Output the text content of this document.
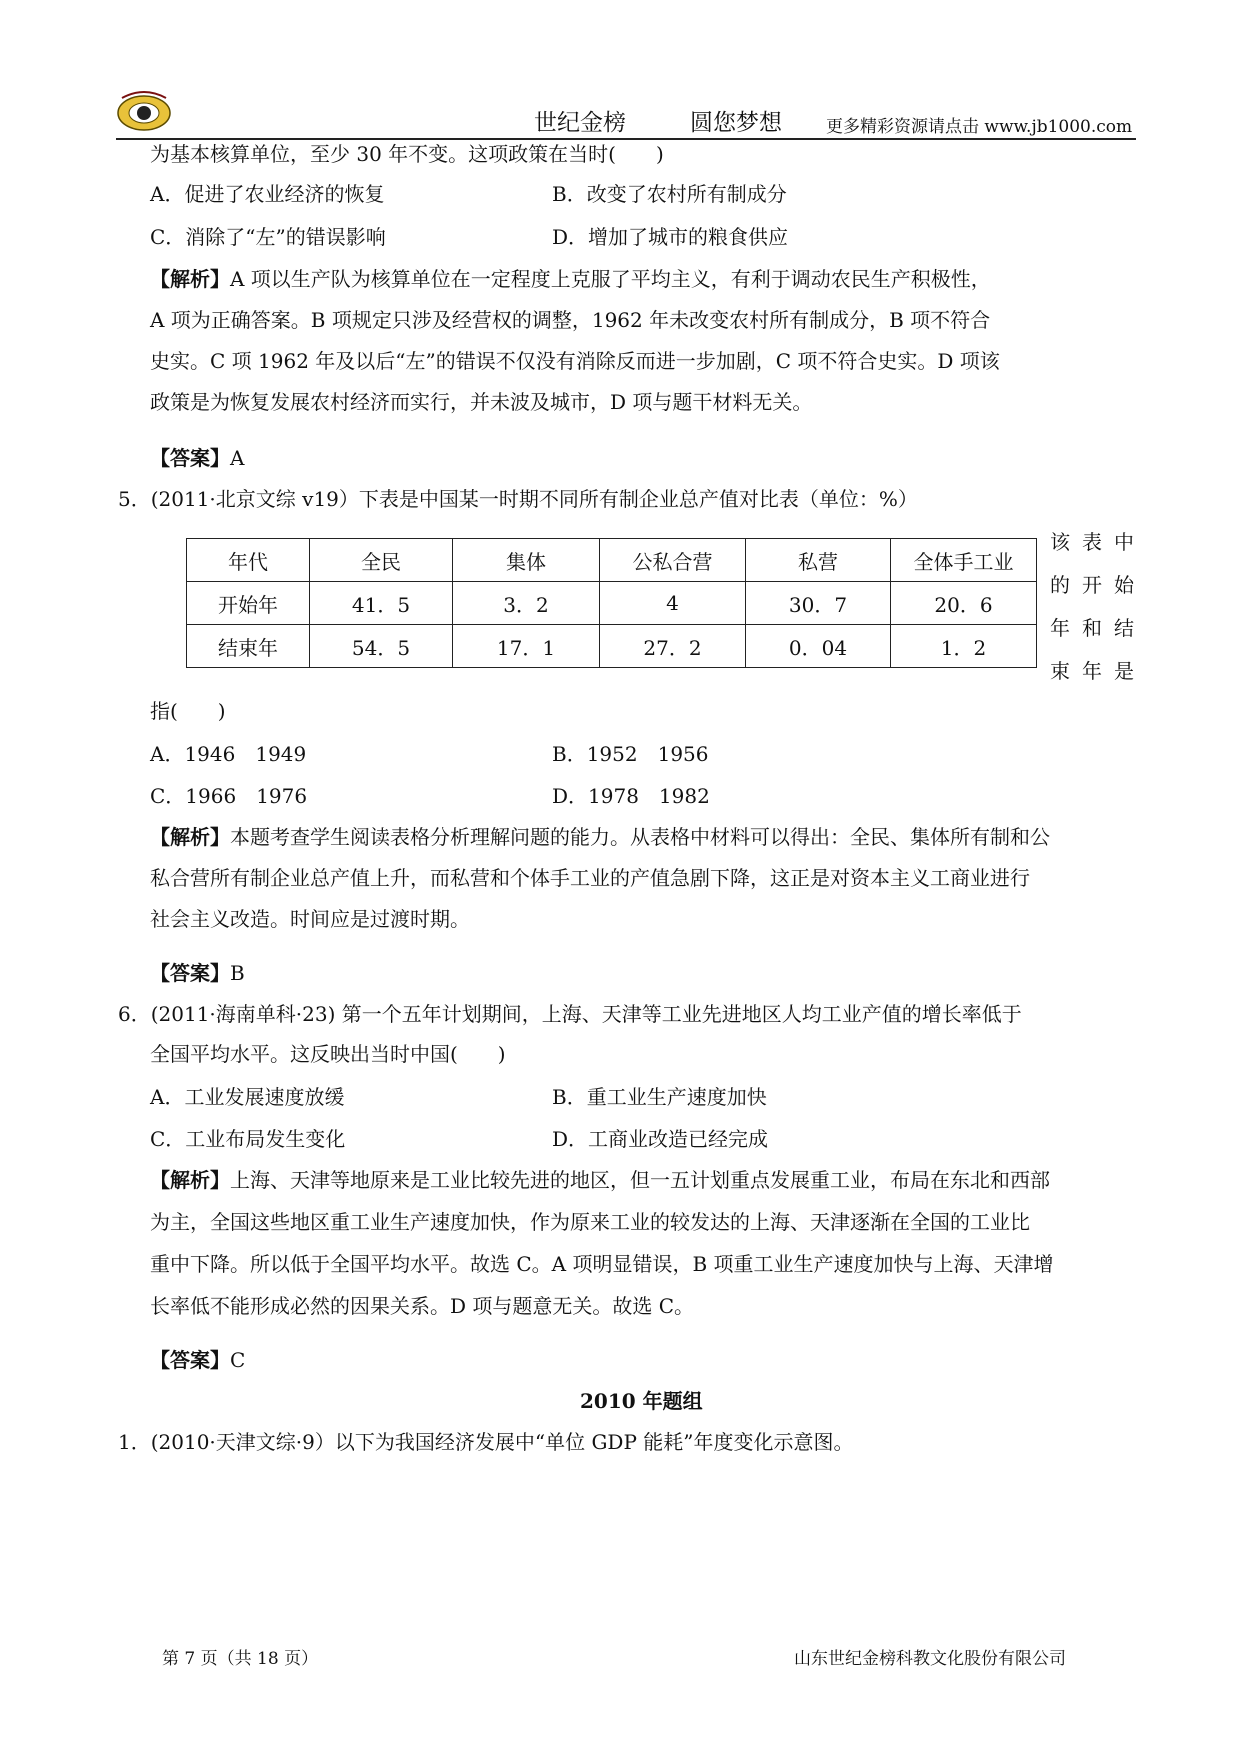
世纪金榜	圆您梦想	更多精彩资源请点击 www.jb1000.com
为基本核算单位，至少 30 年不变。这项政策在当时(　　)
A．促进了农业经济的恢复	B．改变了农村所有制成分
C．消除了“左”的错误影响	D．增加了城市的粮食供应
【解析】A 项以生产队为核算单位在一定程度上克服了平均主义，有利于调动农民生产积极性，
A 项为正确答案。B 项规定只涉及经营权的调整，1962 年未改变农村所有制成分，B 项不符合
史实。C 项 1962 年及以后“左”的错误不仅没有消除反而进一步加剧，C 项不符合史实。D 项该
政策是为恢复发展农村经济而实行，并未波及城市，D 项与题干材料无关。
【答案】A
5．(2011·北京文综 v19）下表是中国某一时期不同所有制企业总产值对比表（单位：%）
年代	全民	集体	公私合营	私营	全体手工业
开始年	41．5	3．2	4	30．7	20．6
结束年	54．5	17．1	27．2	0．04	1．2
该表中
的开始
年和结
束年是
指(　　)
A．1946　1949	B．1952　1956
C．1966　1976	D．1978　1982
【解析】本题考查学生阅读表格分析理解问题的能力。从表格中材料可以得出：全民、集体所有制和公
私合营所有制企业总产值上升，而私营和个体手工业的产值急剧下降，这正是对资本主义工商业进行
社会主义改造。时间应是过渡时期。
【答案】B
6．(2011·海南单科·23) 第一个五年计划期间，上海、天津等工业先进地区人均工业产值的增长率低于
全国平均水平。这反映出当时中国(　　)
A．工业发展速度放缓	B．重工业生产速度加快
C．工业布局发生变化	D．工商业改造已经完成
【解析】上海、天津等地原来是工业比较先进的地区，但一五计划重点发展重工业，布局在东北和西部
为主，全国这些地区重工业生产速度加快，作为原来工业的较发达的上海、天津逐渐在全国的工业比
重中下降。所以低于全国平均水平。故选 C。A 项明显错误，B 项重工业生产速度加快与上海、天津增
长率低不能形成必然的因果关系。D 项与题意无关。故选 C。
【答案】C
2010 年题组
1．(2010·天津文综·9）以下为我国经济发展中“单位 GDP 能耗”年度变化示意图。
第 7 页（共 18 页）	山东世纪金榜科教文化股份有限公司
